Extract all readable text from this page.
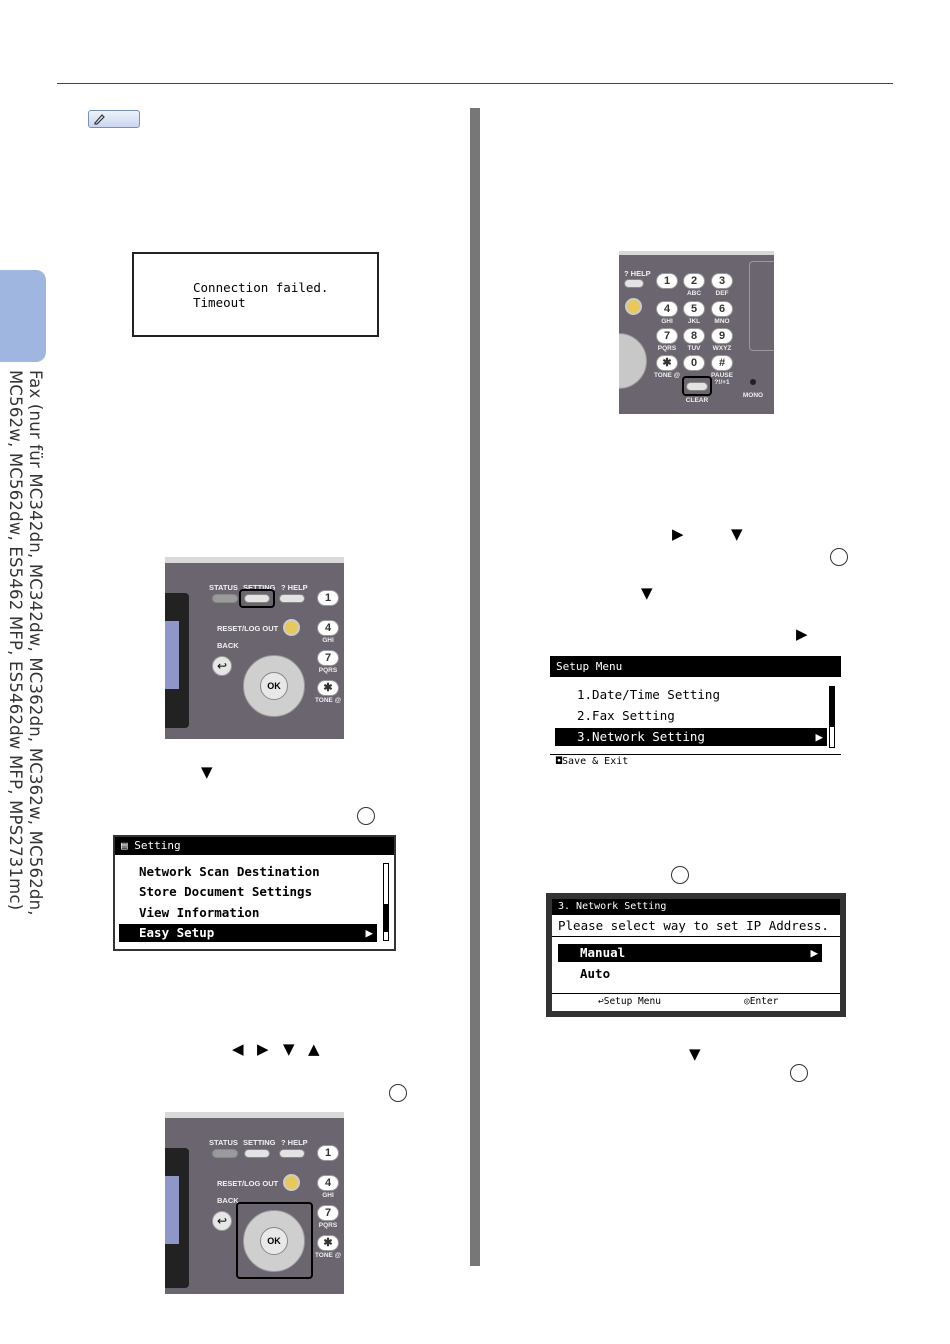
Fax (nur für MC342dn, MC342dw, MC362dn, MC362w, MC562dn,
MC562w, MC562dw, ES5462 MFP, ES5462dw MFP, MPS2731mc)
Connection failed.
Timeout
STATUS SETTING ? HELP
1
RESET/LOG OUT	4
GHI
BACK
↩
OK
7
PQRS
✱
TONE @
▼
▤ Setting
Network Scan Destination
Store Document Settings
View Information
Easy Setup	▶
◀ ▶ ▼ ▲
STATUS SETTING ? HELP
1
RESET/LOG OUT	4
GHI
BACK
↩
OK
7
PQRS
✱
TONE @
? HELP
1	2
ABC
3
DEF
4
GHI
5
JKL
6
MNO
7
PQRS
8
TUV
9
WXYZ
✱
TONE @
0	#
PAUSE ?!/+1
CLEAR
MONO
▶	▼
▼
▶
Setup Menu
1.Date/Time Setting
2.Fax Setting
3.Network Setting	▶
◘Save & Exit
3. Network Setting
Please select way to set IP Address.
Manual	▶
Auto
↩Setup Menu	◎Enter
▼
